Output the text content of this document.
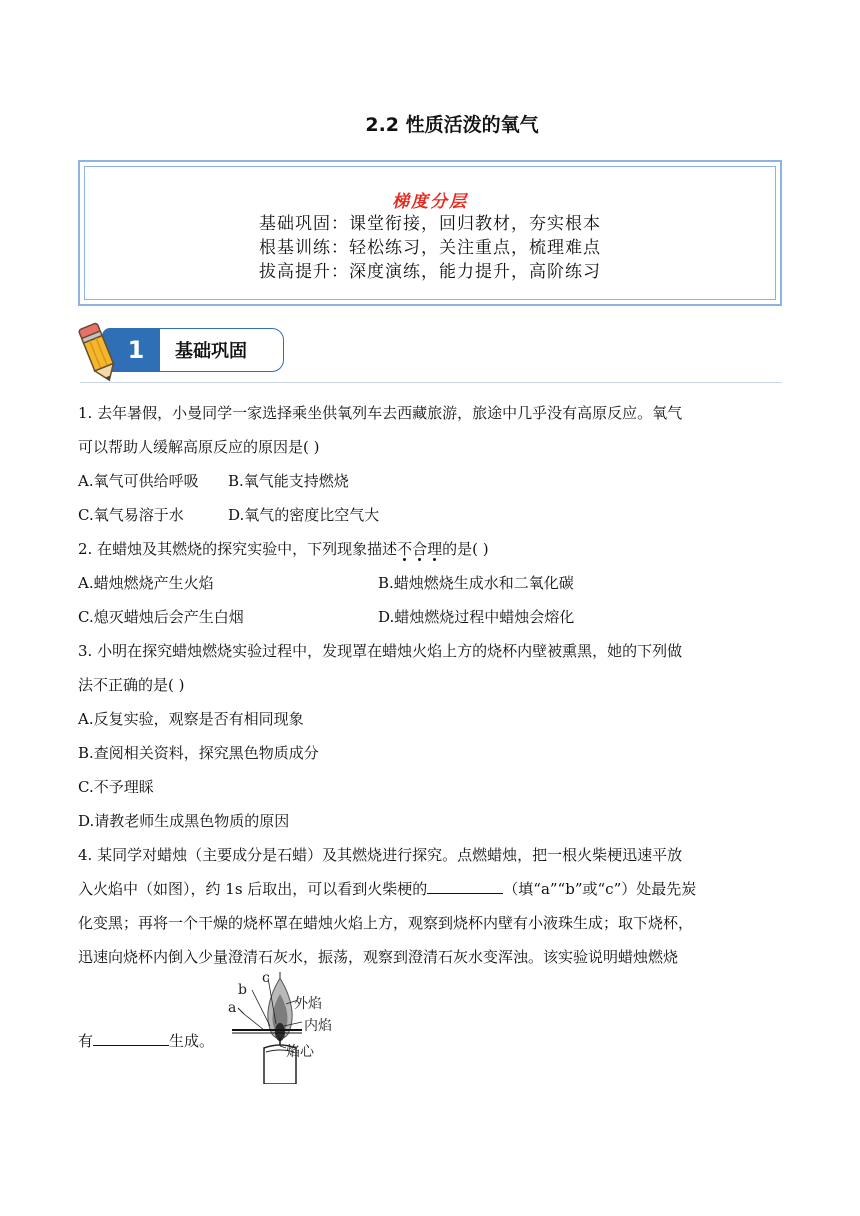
2.2 性质活泼的氧气
梯度分层
基础巩固：课堂衔接，回归教材，夯实根本
根基训练：轻松练习，关注重点，梳理难点
拔高提升：深度演练，能力提升，高阶练习
基础巩固
1
1. 去年暑假，小曼同学一家选择乘坐供氧列车去西藏旅游，旅途中几乎没有高原反应。氧气
可以帮助人缓解高原反应的原因是( )
A.氧气可供给呼吸 B.氧气能支持燃烧
C.氧气易溶于水	D.氧气的密度比空气大
2. 在蜡烛及其燃烧的探究实验中，下列现象描述不合理的是( )
A.蜡烛燃烧产生火焰	B.蜡烛燃烧生成水和二氧化碳
C.熄灭蜡烛后会产生白烟	D.蜡烛燃烧过程中蜡烛会熔化
3. 小明在探究蜡烛燃烧实验过程中，发现罩在蜡烛火焰上方的烧杯内壁被熏黑，她的下列做
法不正确的是( )
A.反复实验，观察是否有相同现象
B.查阅相关资料，探究黑色物质成分
C.不予理睬
D.请教老师生成黑色物质的原因
4. 某同学对蜡烛（主要成分是石蜡）及其燃烧进行探究。点燃蜡烛，把一根火柴梗迅速平放
入火焰中（如图），约 1s 后取出，可以看到火柴梗的	（填“a”“b”或“c”）处最先炭
化变黑；再将一个干燥的烧杯罩在蜡烛火焰上方，观察到烧杯内壁有小液珠生成；取下烧杯，
迅速向烧杯内倒入少量澄清石灰水，振荡，观察到澄清石灰水变浑浊。该实验说明蜡烛燃烧
有	生成。
a
b
c
外焰
内焰
焰心
